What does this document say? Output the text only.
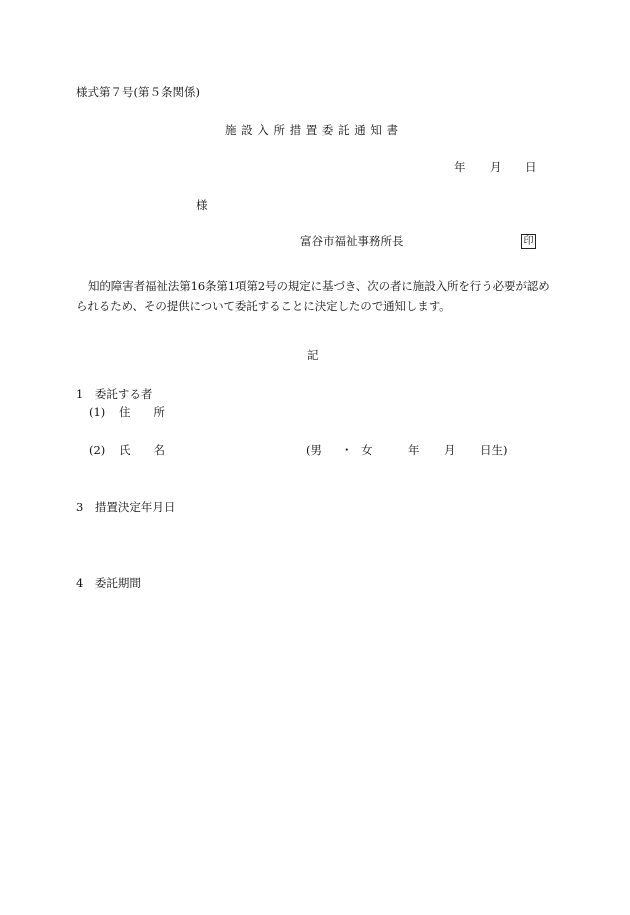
様式第７号(第５条関係)
施 設 入 所 措 置 委 託 通 知 書
年 月 日
様
富谷市福祉事務所長	印
知的障害者福祉法第16条第1項第2号の規定に基づき、次の者に施設入所を行う必要が認められるため、その提供について委託することに決定したので通知します。
記
1　委託する者
(1) 住　　所
(2) 氏　　名	(男 ・ 女	年 月 日生)
3　措置決定年月日
4　委託期間
